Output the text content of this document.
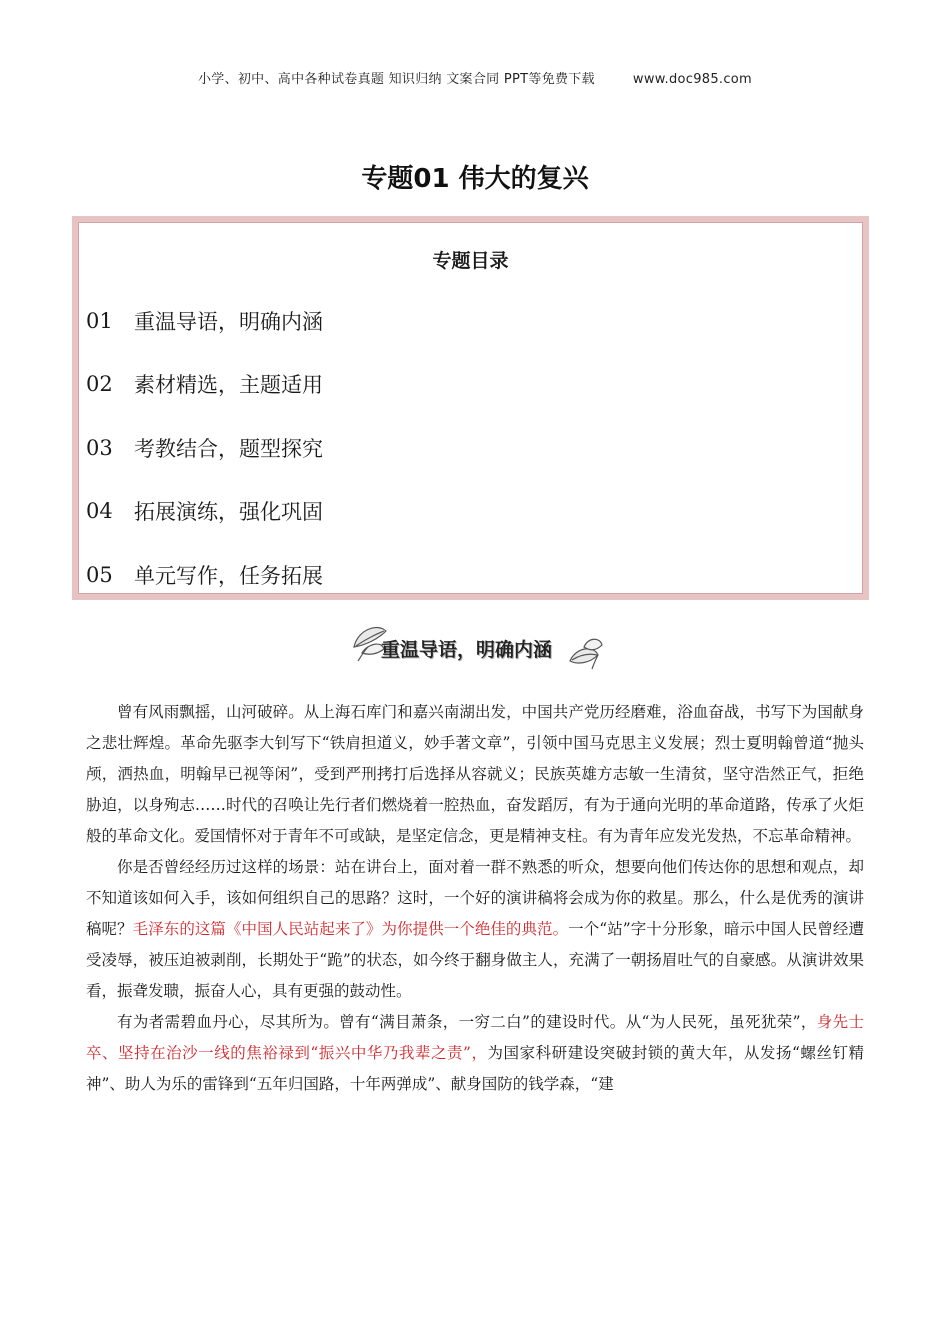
小学、初中、高中各种试卷真题 知识归纳 文案合同 PPT等免费下载	www.doc985.com
专题01 伟大的复兴
专题目录
01	重温导语，明确内涵
02	素材精选，主题适用
03	考教结合，题型探究
04	拓展演练，强化巩固
05	单元写作，任务拓展
重温导语，明确内涵

曾有风雨飘摇，山河破碎。从上海石库门和嘉兴南湖出发，中国共产党历经磨难，浴血奋战，书写下为国献身之悲壮辉煌。革命先驱李大钊写下“铁肩担道义，妙手著文章”，引领中国马克思主义发展；烈士夏明翰曾道“抛头颅，洒热血，明翰早已视等闲”，受到严刑拷打后选择从容就义；民族英雄方志敏一生清贫，坚守浩然正气，拒绝胁迫，以身殉志……时代的召唤让先行者们燃烧着一腔热血，奋发蹈厉，有为于通向光明的革命道路，传承了火炬般的革命文化。爱国情怀对于青年不可或缺，是坚定信念，更是精神支柱。有为青年应发光发热，不忘革命精神。

你是否曾经经历过这样的场景：站在讲台上，面对着一群不熟悉的听众，想要向他们传达你的思想和观点，却不知道该如何入手，该如何组织自己的思路？这时，一个好的演讲稿将会成为你的救星。那么，什么是优秀的演讲稿呢？毛泽东的这篇《中国人民站起来了》为你提供一个绝佳的典范。一个“站”字十分形象，暗示中国人民曾经遭受凌辱，被压迫被剥削，长期处于“跪”的状态，如今终于翻身做主人，充满了一朝扬眉吐气的自豪感。从演讲效果看，振聋发聩，振奋人心，具有更强的鼓动性。

有为者需碧血丹心，尽其所为。曾有“满目萧条，一穷二白”的建设时代。从“为人民死，虽死犹荣”，身先士卒、坚持在治沙一线的焦裕禄到“振兴中华乃我辈之责”，为国家科研建设突破封锁的黄大年，从发扬“螺丝钉精神”、助人为乐的雷锋到“五年归国路，十年两弹成”、献身国防的钱学森，“建
